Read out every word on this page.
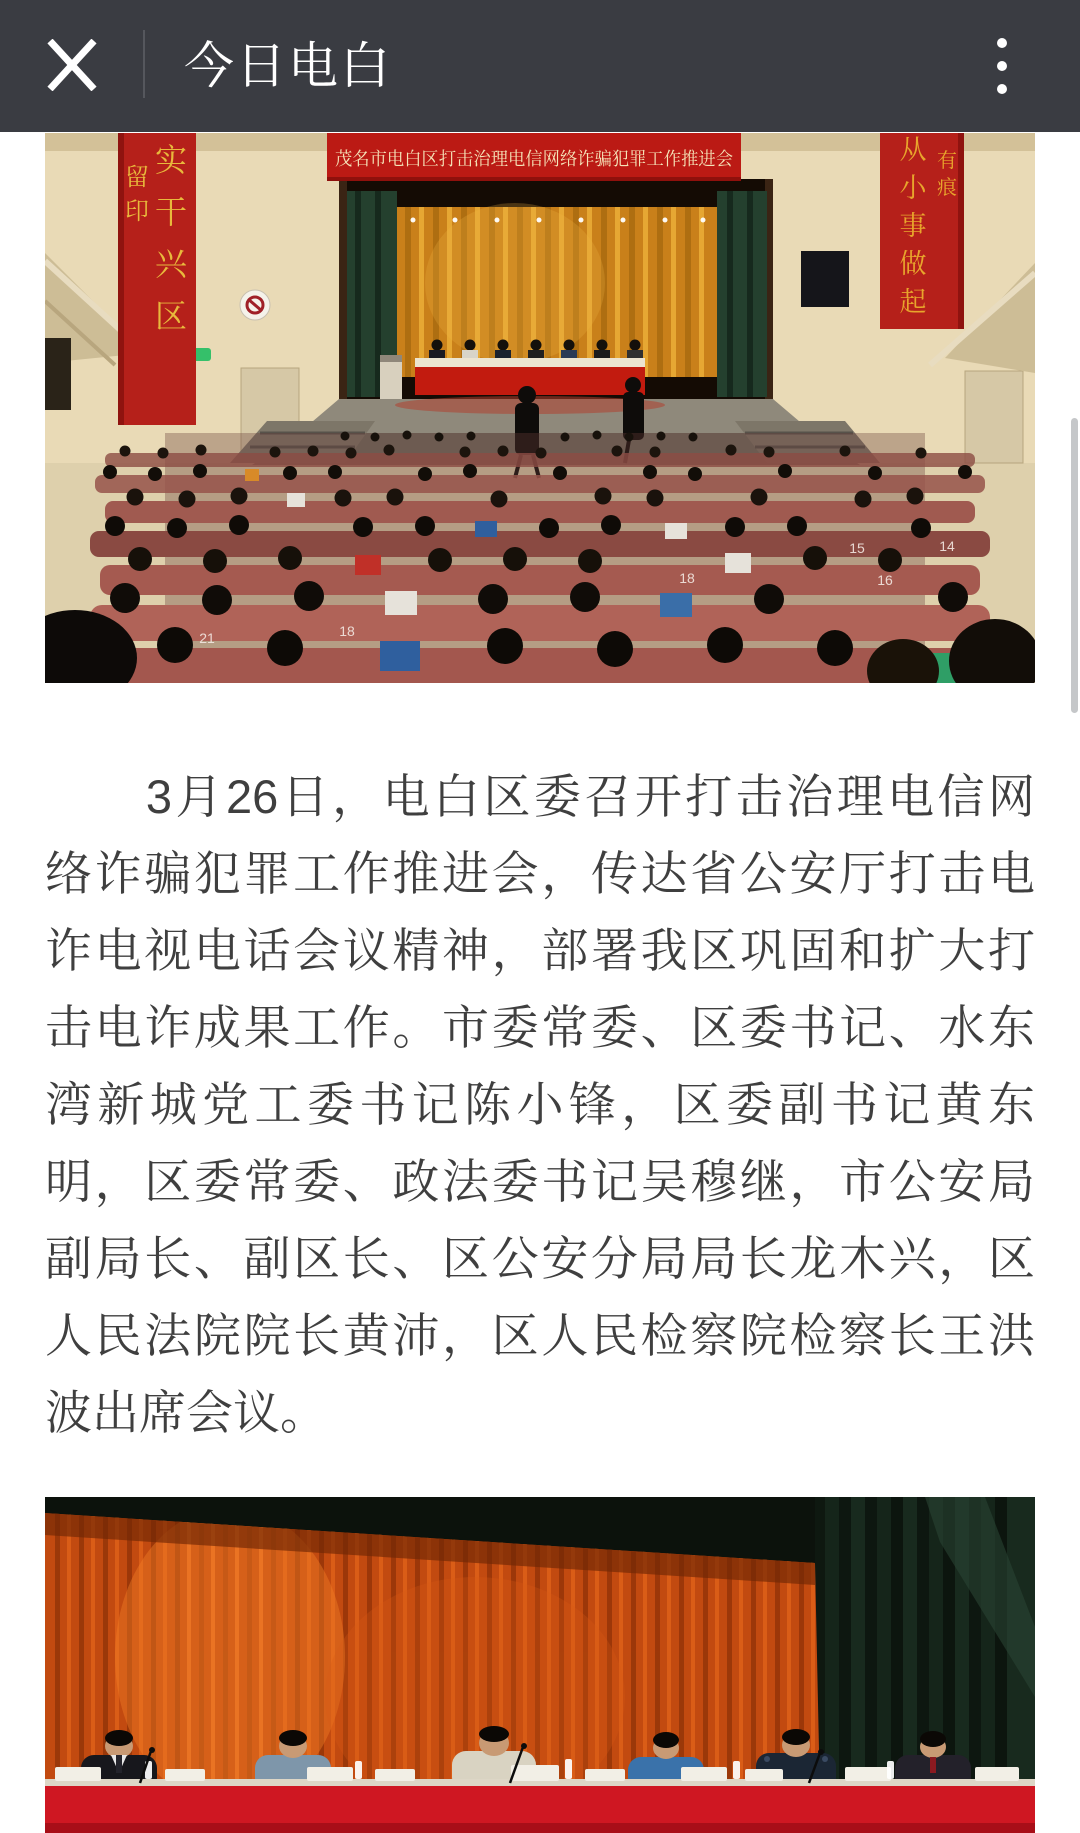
今日电白
实干兴区
留印
从小事做起
有痕
茂名市电白区打击治理电信网络诈骗犯罪工作推进会
21	18
18
15
16
14
　　3月26日，电白区委召开打击治理电信网
络诈骗犯罪工作推进会，传达省公安厅打击电
诈电视电话会议精神，部署我区巩固和扩大打
击电诈成果工作。市委常委、区委书记、水东
湾新城党工委书记陈小锋，区委副书记黄东
明，区委常委、政法委书记吴穆继，市公安局
副局长、副区长、区公安分局局长龙木兴，区
人民法院院长黄沛，区人民检察院检察长王洪
波出席会议。
